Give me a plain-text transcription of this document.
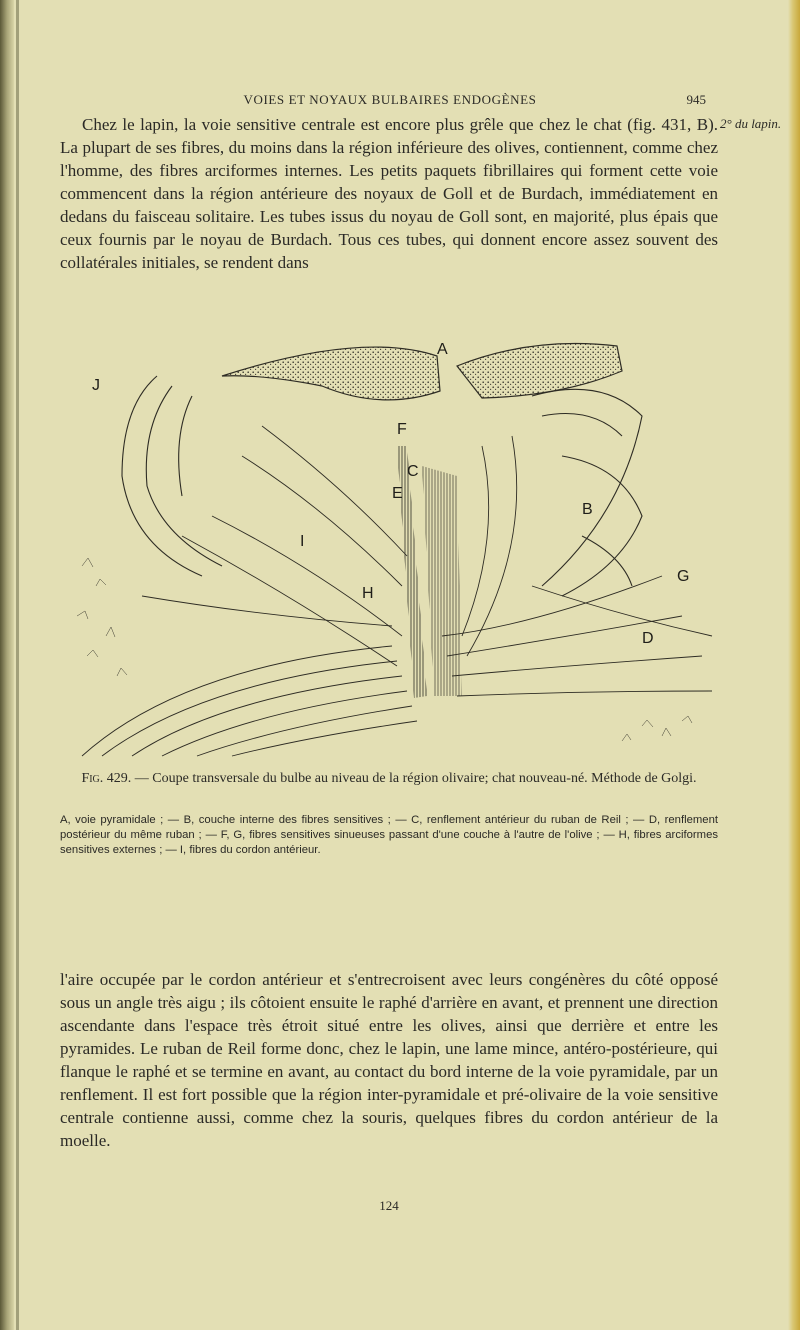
VOIES ET NOYAUX BULBAIRES ENDOGÈNES	945
2° du lapin.

Chez le lapin, la voie sensitive centrale est encore plus grêle que chez le chat (fig. 431, B). La plupart de ses fibres, du moins dans la région inférieure des olives, contiennent, comme chez l'homme, des fibres arciformes internes. Les petits paquets fibrillaires qui forment cette voie commencent dans la région antérieure des noyaux de Goll et de Burdach, immédiatement en dedans du faisceau solitaire. Les tubes issus du noyau de Goll sont, en majorité, plus épais que ceux fournis par le noyau de Burdach. Tous ces tubes, qui donnent encore assez souvent des collatérales initiales, se rendent dans

A
B
C
D
E
F
G
H
I
J

Fig. 429. — Coupe transversale du bulbe au niveau de la région olivaire; chat nouveau-né. Méthode de Golgi.

A, voie pyramidale ; — B, couche interne des fibres sensitives ; — C, renflement antérieur du ruban de Reil ; — D, renflement postérieur du même ruban ; — F, G, fibres sensitives sinueuses passant d'une couche à l'autre de l'olive ; — H, fibres arciformes sensitives externes ; — I, fibres du cordon antérieur.

l'aire occupée par le cordon antérieur et s'entrecroisent avec leurs congénères du côté opposé sous un angle très aigu ; ils côtoient ensuite le raphé d'arrière en avant, et prennent une direction ascendante dans l'espace très étroit situé entre les olives, ainsi que derrière et entre les pyramides. Le ruban de Reil forme donc, chez le lapin, une lame mince, antéro-postérieure, qui flanque le raphé et se termine en avant, au contact du bord interne de la voie pyramidale, par un renflement. Il est fort possible que la région inter-pyramidale et pré-olivaire de la voie sensitive centrale contienne aussi, comme chez la souris, quelques fibres du cordon antérieur de la moelle.

124
